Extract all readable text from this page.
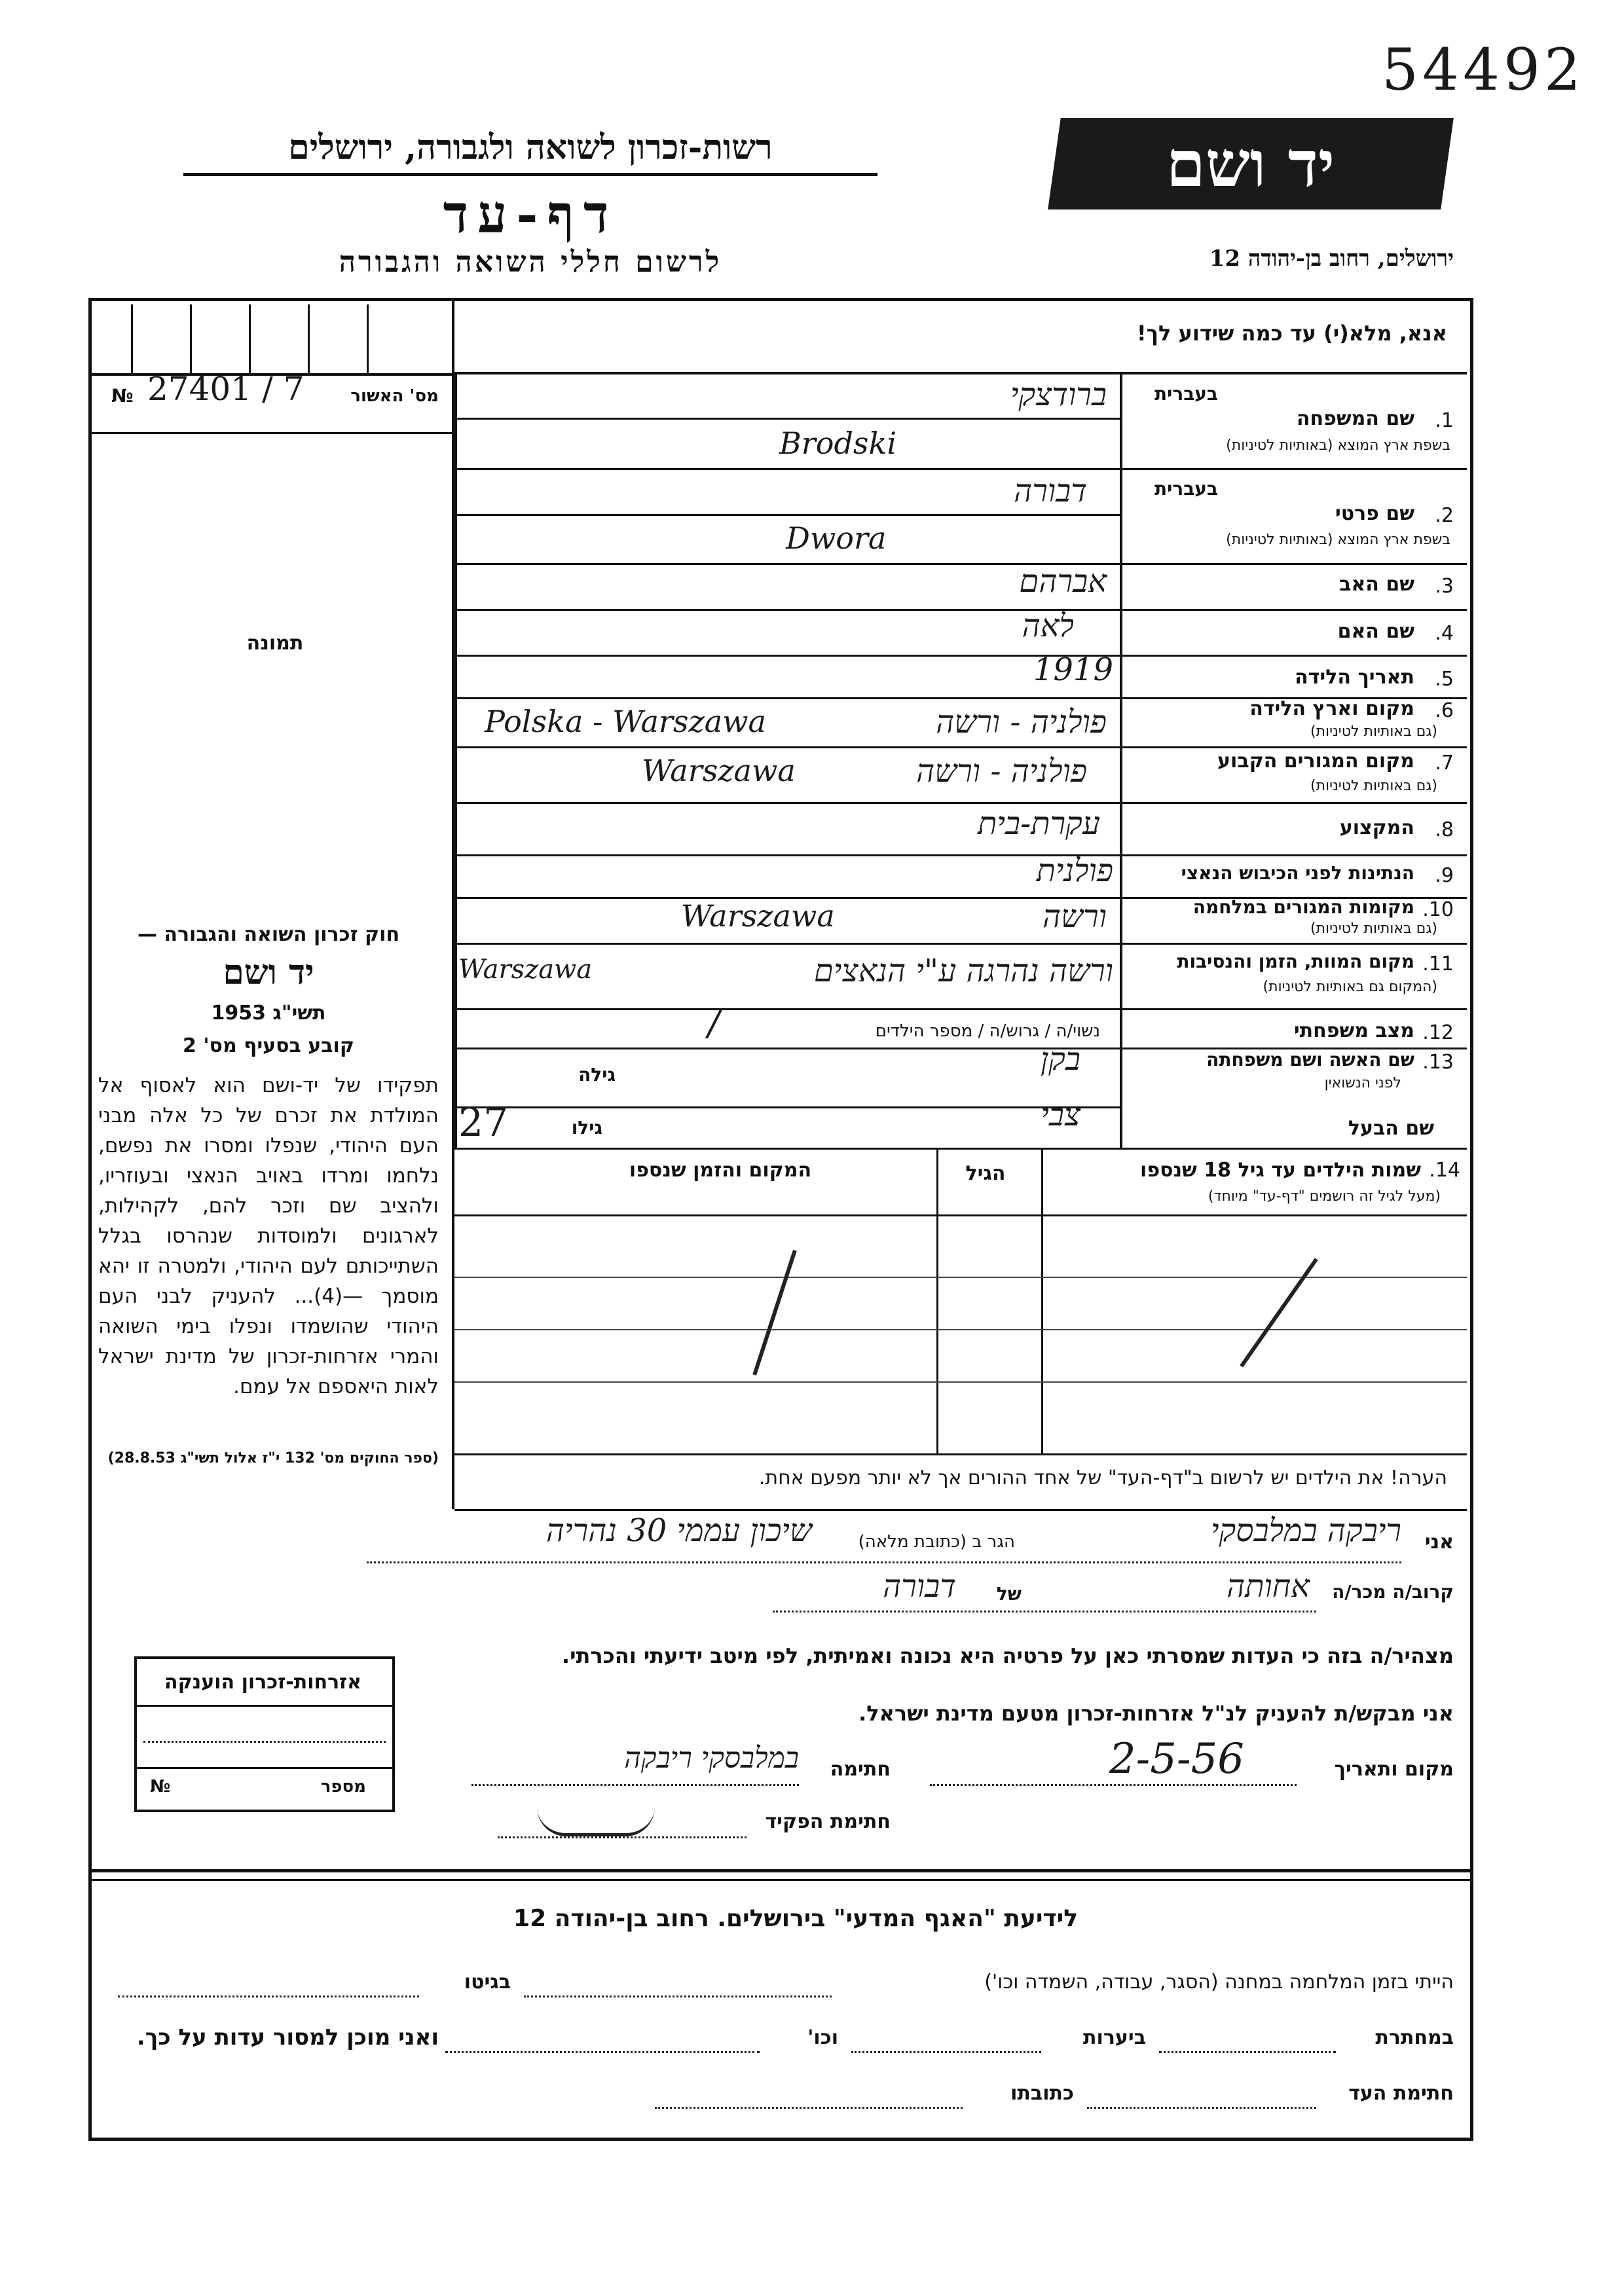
54492
רשות-זכרון לשואה ולגבורה, ירושלים
דף-עד
לרשום חללי השואה והגבורה
יד ושם
ירושלים, רחוב בן-יהודה 12
מס' האשור
№ 27401 / 7
תמונה
אנא, מלא(י) עד כמה שידוע לך!
בעברית
1.
שם המשפחה
בשפת ארץ המוצא (באותיות לטיניות)
ברודצקי
Brodski
בעברית
2.
שם פרטי
בשפת ארץ המוצא (באותיות לטיניות)
דבורה
Dwora
3.
שם האב
אברהם
4.
שם האם
לאה
5.
תאריך הלידה
1919
6.
מקום וארץ הלידה
(גם באותיות לטיניות)
פולניה - ורשה
Polska - Warszawa
7.
מקום המגורים הקבוע
(גם באותיות לטיניות)
פולניה - ורשה
Warszawa
8.
המקצוע
עקרת-בית
9.
הנתינות לפני הכיבוש הנאצי
פולנית
10.
מקומות המגורים במלחמה
(גם באותיות לטיניות)
ורשה
Warszawa
11.
מקום המוות, הזמן והנסיבות
(המקום גם באותיות לטיניות)
ורשה נהרגה ע"י הנאצים
Warszawa
12.
מצב משפחתי
נשוי/ה / גרוש/ה / מספר הילדים
/
13.
שם האשה ושם משפחתה
לפני הנשואין
גילה	בקן
שם הבעל
צבי
גילו
27
14.
שמות הילדים עד גיל 18 שנספו
(מעל לגיל זה רושמים "דף-עד" מיוחד)
הגיל
המקום והזמן שנספו
הערה! את הילדים יש לרשום ב"דף-העד" של אחד ההורים אך לא יותר מפעם אחת.
חוק זכרון השואה והגבורה —
יד ושם
תשי"ג 1953
קובע בסעיף מס' 2
תפקידו של יד-ושם הוא לאסוף אל המולדת את זכרם של כל אלה מבני העם היהודי, שנפלו ומסרו את נפשם, נלחמו ומרדו באויב הנאצי ובעוזריו, ולהציב שם וזכר להם, לקהילות, לארגונים ולמוסדות שנהרסו בגלל השתייכותם לעם היהודי, ולמטרה זו יהא מוסמך —(4)... להעניק לבני העם היהודי שהושמדו ונפלו בימי השואה והמרי אזרחות-זכרון של מדינת ישראל לאות היאספם אל עמם.
(ספר החוקים מס' 132 י"ז אלול תשי"ג 28.8.53)
אני
ריבקה במלבסקי
הגר ב (כתובת מלאה)
שיכון עממי 30 נהריה
קרוב/ה מכר/ה
אחותה
של
דבורה
מצהיר/ה בזה כי העדות שמסרתי כאן על פרטיה היא נכונה ואמיתית, לפי מיטב ידיעתי והכרתי.
אני מבקש/ת להעניק לנ"ל אזרחות-זכרון מטעם מדינת ישראל.
מקום ותאריך
2-5-56
חתימה
במלבסקי ריבקה
חתימת הפקיד
אזרחות-זכרון הוענקה
מספר
№
לידיעת "האגף המדעי" בירושלים. רחוב בן-יהודה 12
הייתי בזמן המלחמה במחנה (הסגר, עבודה, השמדה וכו')
בגיטו
במחתרת
ביערות
וכו'
ואני מוכן למסור עדות על כך.
חתימת העד
כתובתו
